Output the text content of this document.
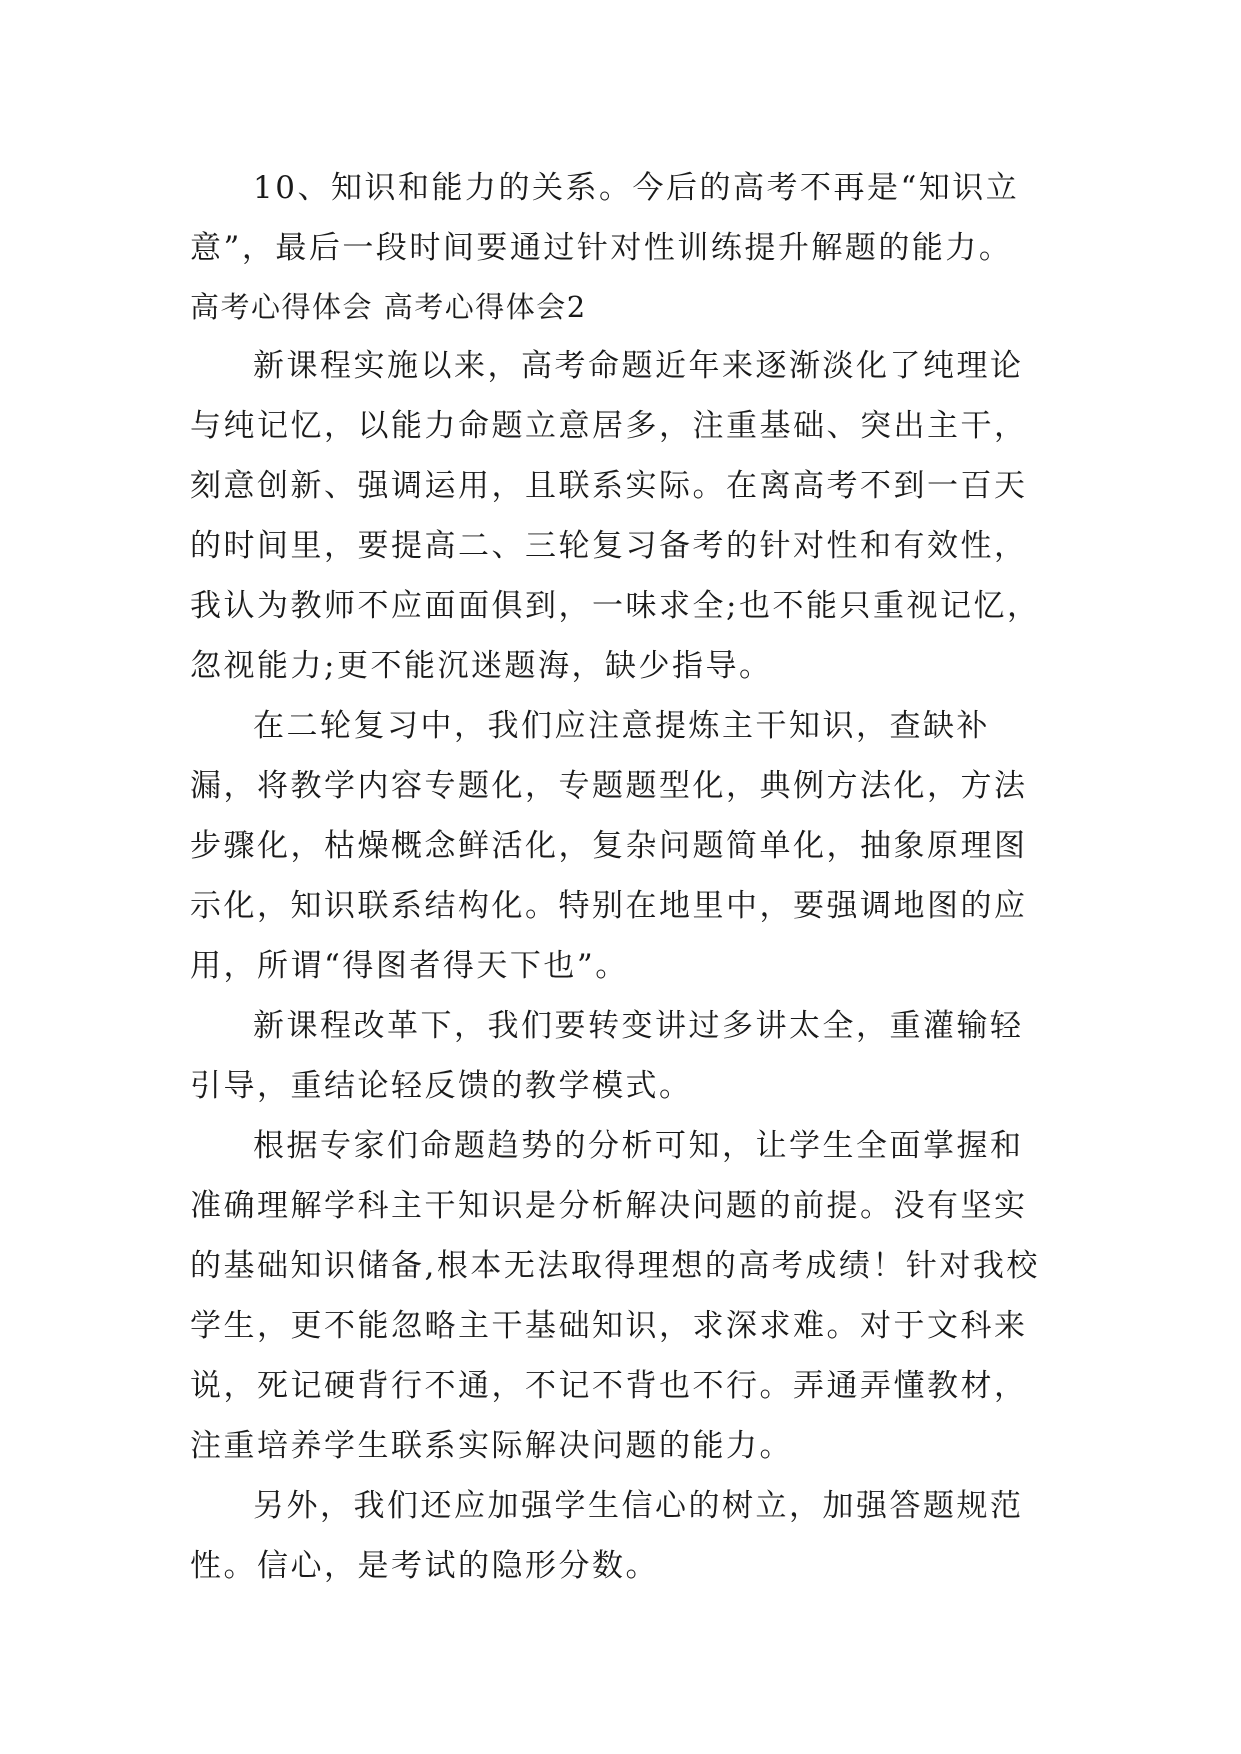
10、知识和能力的关系。今后的高考不再是“知识立意”，最后一段时间要通过针对性训练提升解题的能力。

高考心得体会 高考心得体会2

新课程实施以来，高考命题近年来逐渐淡化了纯理论与纯记忆，以能力命题立意居多，注重基础、突出主干，刻意创新、强调运用，且联系实际。在离高考不到一百天的时间里，要提高二、三轮复习备考的针对性和有效性，我认为教师不应面面俱到，一味求全;也不能只重视记忆，忽视能力;更不能沉迷题海，缺少指导。

在二轮复习中，我们应注意提炼主干知识，查缺补漏，将教学内容专题化，专题题型化，典例方法化，方法步骤化，枯燥概念鲜活化，复杂问题简单化，抽象原理图示化，知识联系结构化。特别在地里中，要强调地图的应用，所谓“得图者得天下也”。

新课程改革下，我们要转变讲过多讲太全，重灌输轻引导，重结论轻反馈的教学模式。

根据专家们命题趋势的分析可知，让学生全面掌握和准确理解学科主干知识是分析解决问题的前提。没有坚实的基础知识储备,根本无法取得理想的高考成绩！针对我校学生，更不能忽略主干基础知识，求深求难。对于文科来说，死记硬背行不通，不记不背也不行。弄通弄懂教材，注重培养学生联系实际解决问题的能力。

另外，我们还应加强学生信心的树立，加强答题规范性。信心，是考试的隐形分数。
